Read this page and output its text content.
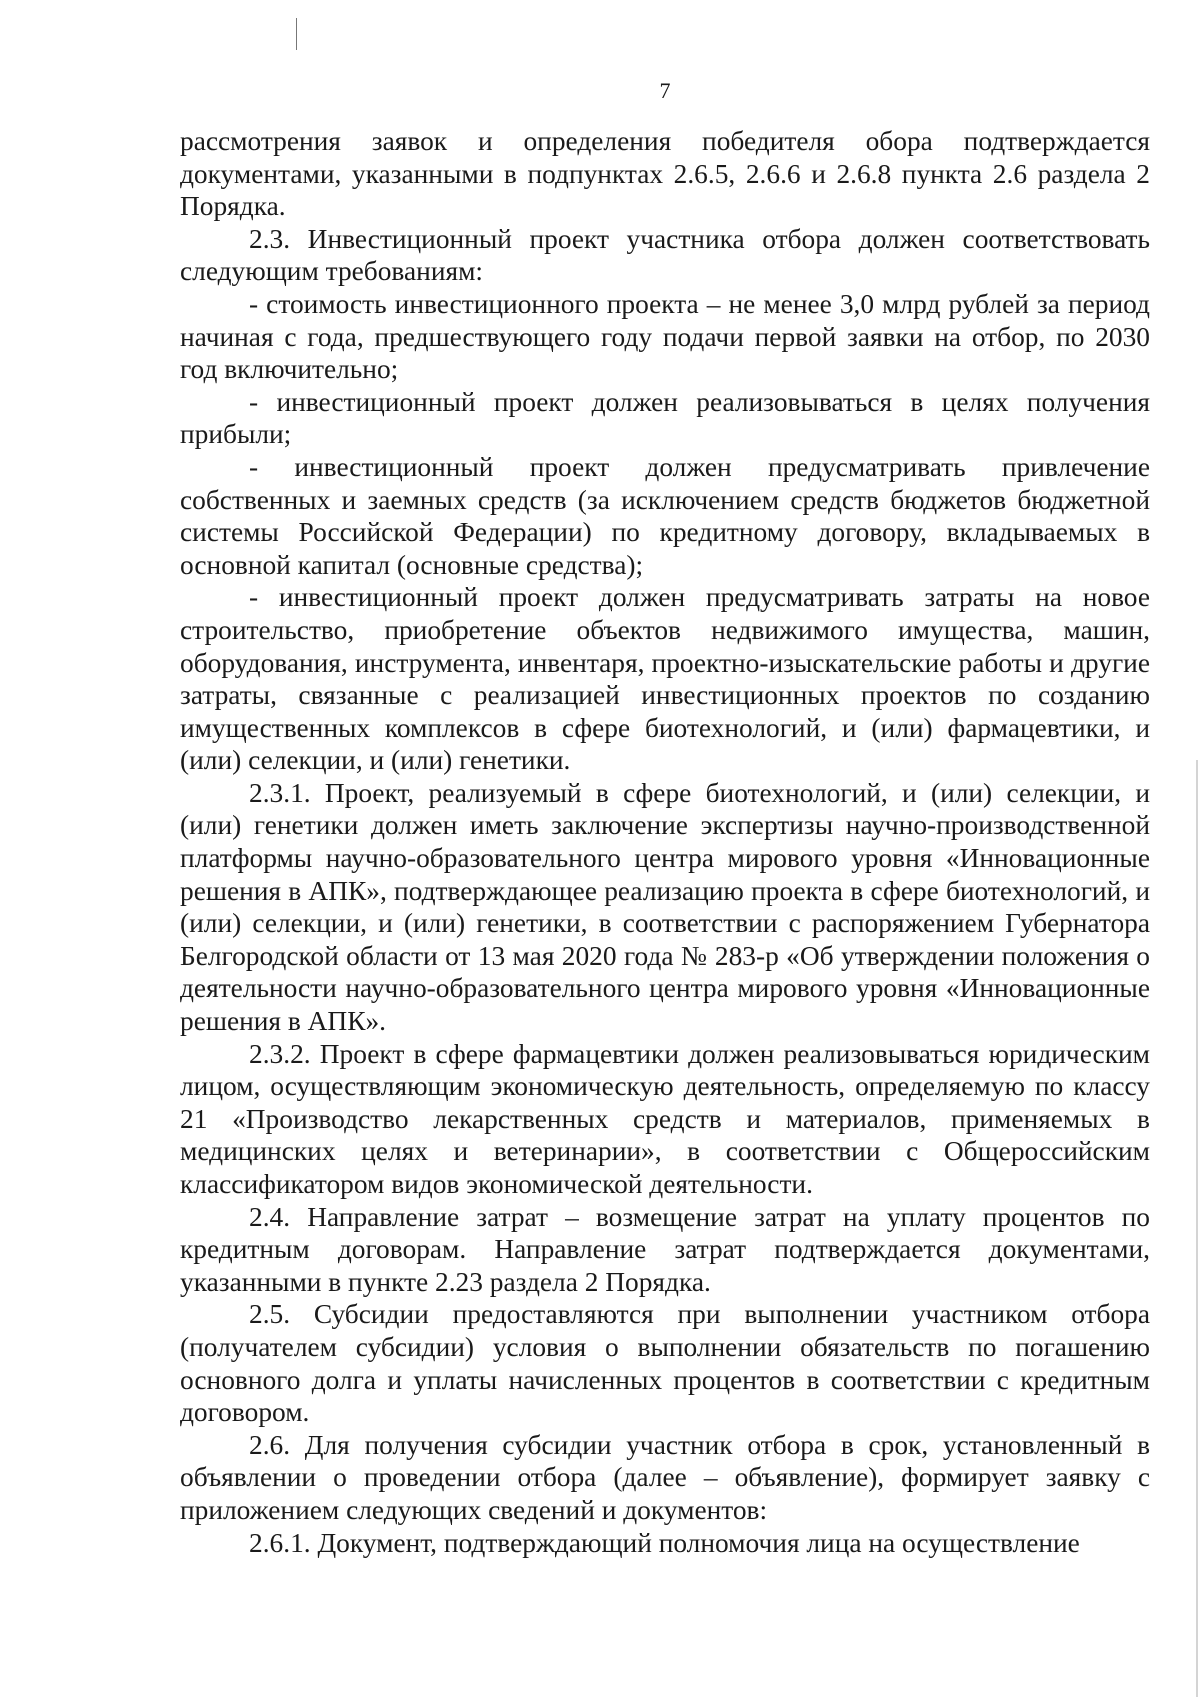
7

рассмотрения заявок и определения победителя обора подтверждается документами, указанными в подпунктах 2.6.5, 2.6.6 и 2.6.8 пункта 2.6 раздела 2 Порядка.

2.3. Инвестиционный проект участника отбора должен соответствовать следующим требованиям:

- стоимость инвестиционного проекта – не менее 3,0 млрд рублей за период начиная с года, предшествующего году подачи первой заявки на отбор, по 2030 год включительно;

- инвестиционный проект должен реализовываться в целях получения прибыли;

- инвестиционный проект должен предусматривать привлечение собственных и заемных средств (за исключением средств бюджетов бюджетной системы Российской Федерации) по кредитному договору, вкладываемых в основной капитал (основные средства);

- инвестиционный проект должен предусматривать затраты на новое строительство, приобретение объектов недвижимого имущества, машин, оборудования, инструмента, инвентаря, проектно-изыскательские работы и другие затраты, связанные с реализацией инвестиционных проектов по созданию имущественных комплексов в сфере биотехнологий, и (или) фармацевтики, и (или) селекции, и (или) генетики.

2.3.1. Проект, реализуемый в сфере биотехнологий, и (или) селекции, и (или) генетики должен иметь заключение экспертизы научно-производственной платформы научно-образовательного центра мирового уровня «Инновационные решения в АПК», подтверждающее реализацию проекта в сфере биотехнологий, и (или) селекции, и (или) генетики, в соответствии с распоряжением Губернатора Белгородской области от 13 мая 2020 года № 283-р «Об утверждении положения о деятельности научно-образовательного центра мирового уровня «Инновационные решения в АПК».

2.3.2. Проект в сфере фармацевтики должен реализовываться юридическим лицом, осуществляющим экономическую деятельность, определяемую по классу 21 «Производство лекарственных средств и материалов, применяемых в медицинских целях и ветеринарии», в соответствии с Общероссийским классификатором видов экономической деятельности.

2.4. Направление затрат – возмещение затрат на уплату процентов по кредитным договорам. Направление затрат подтверждается документами, указанными в пункте 2.23 раздела 2 Порядка.

2.5. Субсидии предоставляются при выполнении участником отбора (получателем субсидии) условия о выполнении обязательств по погашению основного долга и уплаты начисленных процентов в соответствии с кредитным договором.

2.6. Для получения субсидии участник отбора в срок, установленный в объявлении о проведении отбора (далее – объявление), формирует заявку с приложением следующих сведений и документов:

2.6.1. Документ, подтверждающий полномочия лица на осуществление
